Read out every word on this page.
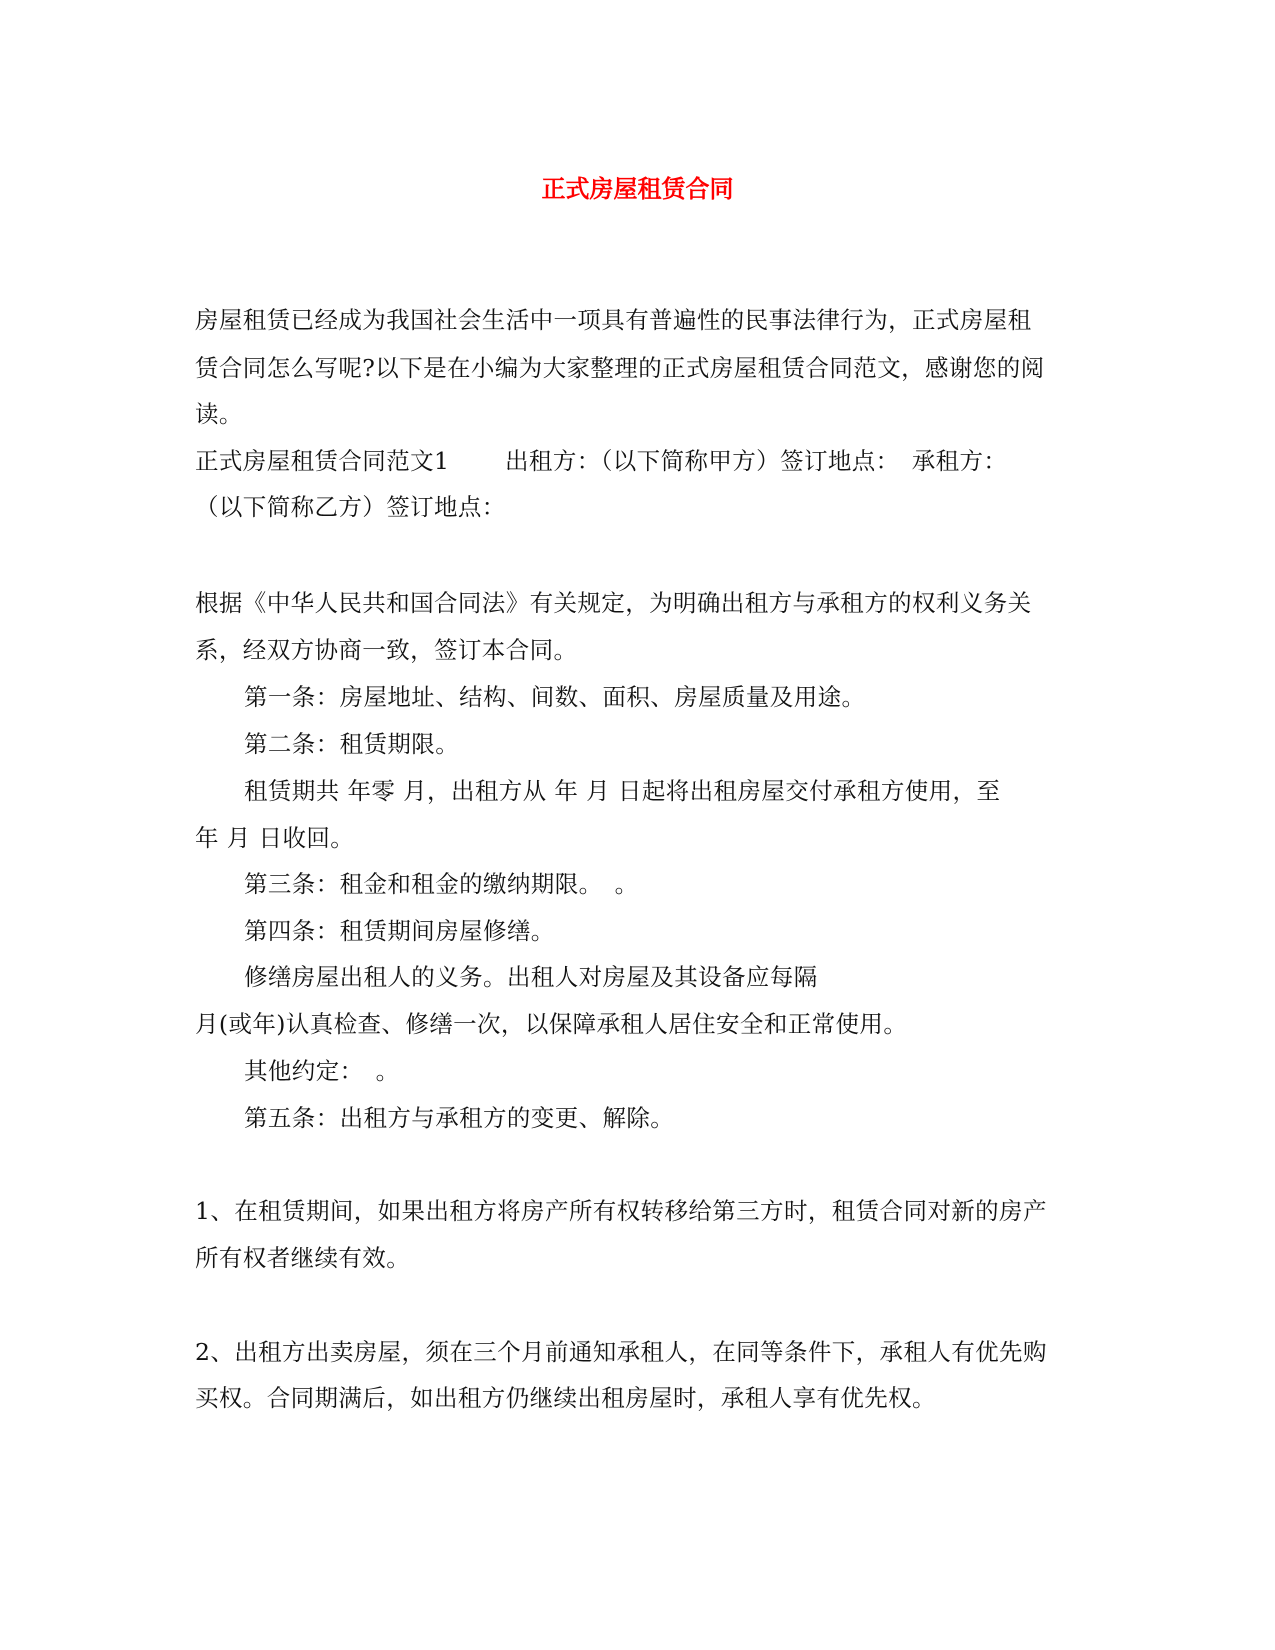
正式房屋租赁合同

房屋租赁已经成为我国社会生活中一项具有普遍性的民事法律行为，正式房屋租

赁合同怎么写呢?以下是在小编为大家整理的正式房屋租赁合同范文，感谢您的阅

读。

正式房屋租赁合同范文1　　 出租方：（以下简称甲方）签订地点：　承租方：

（以下简称乙方）签订地点：

根据《中华人民共和国合同法》有关规定，为明确出租方与承租方的权利义务关

系，经双方协商一致，签订本合同。

第一条：房屋地址、结构、间数、面积、房屋质量及用途。

第二条：租赁期限。

租赁期共 年零 月，出租方从 年 月 日起将出租房屋交付承租方使用，至

年 月 日收回。

第三条：租金和租金的缴纳期限。　。

第四条：租赁期间房屋修缮。

修缮房屋出租人的义务。出租人对房屋及其设备应每隔

月(或年)认真检查、修缮一次，以保障承租人居住安全和正常使用。

其他约定：　。

第五条：出租方与承租方的变更、解除。

1、在租赁期间，如果出租方将房产所有权转移给第三方时，租赁合同对新的房产

所有权者继续有效。

2、出租方出卖房屋，须在三个月前通知承租人，在同等条件下，承租人有优先购

买权。合同期满后，如出租方仍继续出租房屋时，承租人享有优先权。
